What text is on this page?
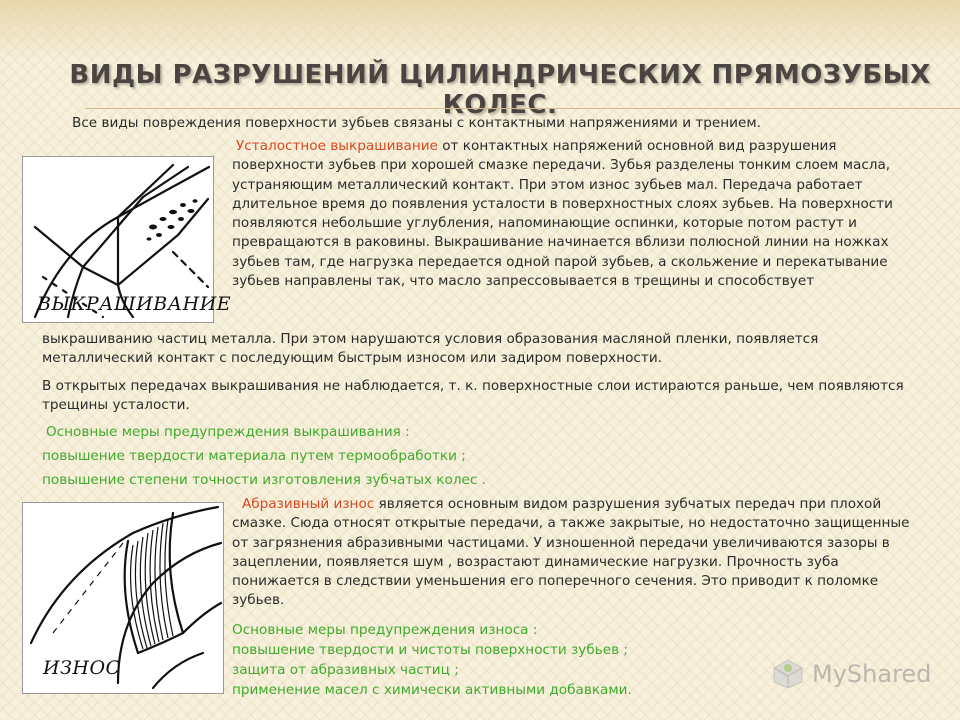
ВИДЫ РАЗРУШЕНИЙ ЦИЛИНДРИЧЕСКИХ ПРЯМОЗУБЫХ КОЛЕС.

Все виды повреждения поверхности зубьев связаны с контактными напряжениями и трением.

ВЫКРАШИВАНИЕ

Усталостное выкрашивание от контактных напряжений основной вид разрушения поверхности зубьев при хорошей смазке передачи. Зубья разделены тонким слоем масла, устраняющим металлический контакт. При этом износ зубьев мал. Передача работает длительное время до появления усталости в поверхностных слоях зубьев. На поверхности появляются небольшие углубления, напоминающие оспинки, которые потом растут и превращаются в раковины. Выкрашивание начинается вблизи полюсной линии на ножках зубьев там, где нагрузка передается одной парой зубьев, а скольжение и перекатывание зубьев направлены так, что масло запрессовывается в трещины и способствует

выкрашиванию частиц металла. При этом нарушаются условия образования масляной пленки, появляется металлический контакт с последующим быстрым износом или задиром поверхности.

В открытых передачах выкрашивания не наблюдается, т. к. поверхностные слои истираются раньше, чем появляются трещины усталости.

Основные меры предупреждения выкрашивания :

повышение твердости материала путем термообработки ;

повышение степени точности изготовления зубчатых колес .

ИЗНОС

Абразивный износ является основным видом разрушения зубчатых передач при плохой смазке. Сюда относят открытые передачи, а также закрытые, но недостаточно защищенные от загрязнения абразивными частицами. У изношенной передачи увеличиваются зазоры в зацеплении, появляется шум , возрастают динамические нагрузки. Прочность зуба понижается в следствии уменьшения его поперечного сечения. Это приводит к поломке зубьев.

Основные меры предупреждения износа :

повышение твердости и чистоты поверхности зубьев ;

защита от абразивных частиц ;

применение масел с химически активными добавками.

MyShared
